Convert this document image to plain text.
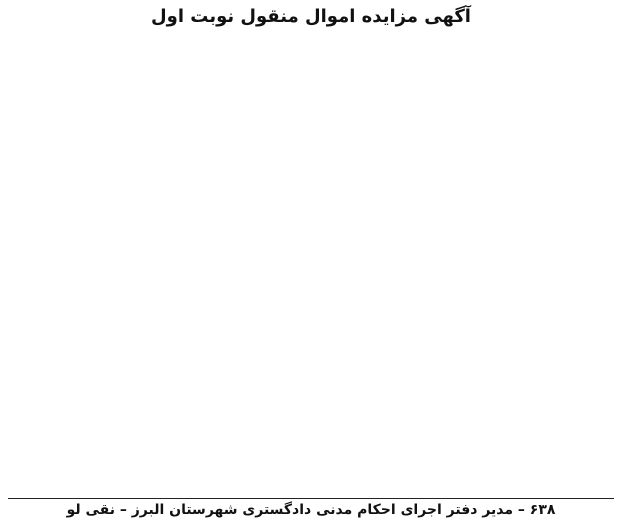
آگهی مزایده اموال منقول نوبت اول
۶۳۸ – مدیر دفتر اجرای احکام مدنی دادگستری شهرستان البرز – نقی لو
